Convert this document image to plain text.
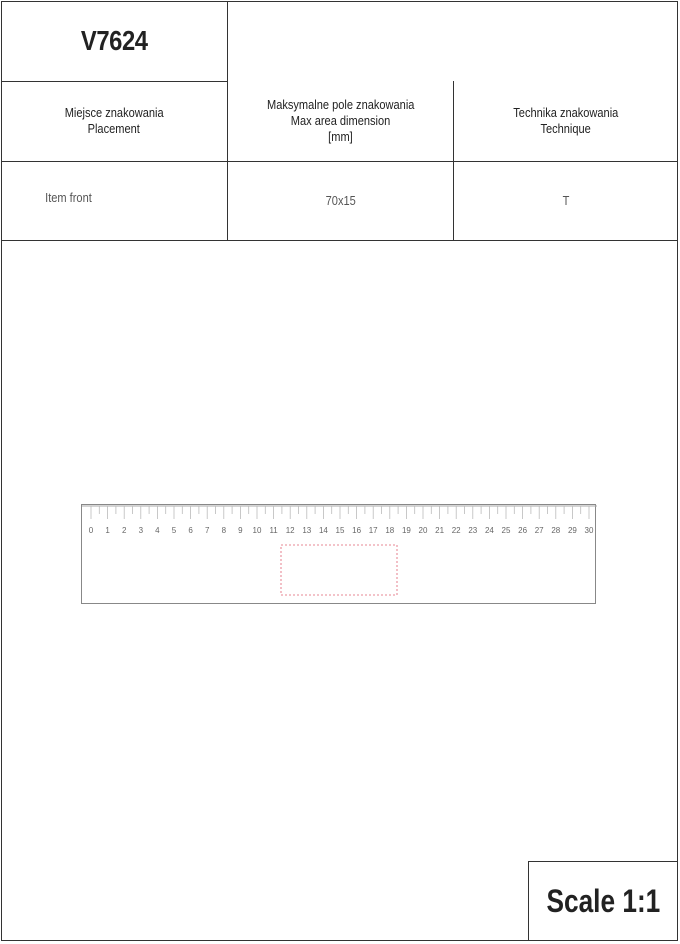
V7624
Miejsce znakowania
Placement
Maksymalne pole znakowania
Max area dimension
[mm]
Technika znakowania
Technique
Item front	70x15	T
0 1 2 3 4 5 6 7 8 9 10 11 12 13 14 15 16 17 18 19 20 21 22 23 24 25 26 27 28 29 30
Scale 1:1
